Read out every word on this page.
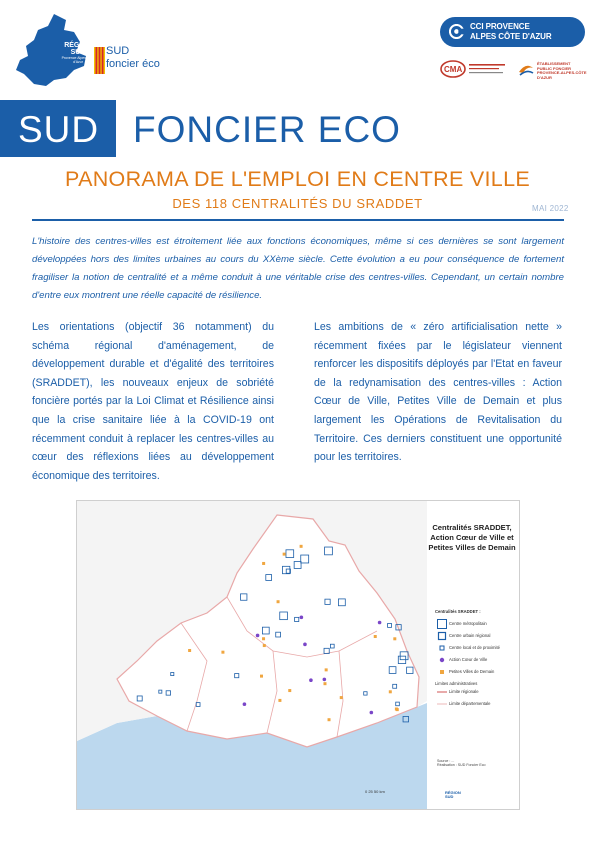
RÉGION
SUD
Provence Alpes Côte d'Azur
SUD
foncier éco
CCI PROVENCE
ALPES CÔTE D'AZUR
CMA
ÉTABLISSEMENT
PUBLIC FONCIER
PROVENCE-ALPES-CÔTE D'AZUR
SUD FONCIER ECO
PANORAMA DE L'EMPLOI EN CENTRE VILLE
DES 118 CENTRALITÉS DU SRADDET	MAI 2022
L'histoire des centres-villes est étroitement liée aux fonctions économiques, même si ces dernières se sont largement développées hors des limites urbaines au cours du XXème siècle. Cette évolution a eu pour conséquence de fortement fragiliser la notion de centralité et a même conduit à une véritable crise des centres-villes. Cependant, un certain nombre d'entre eux montrent une réelle capacité de résilience.
Les orientations (objectif 36 notamment) du schéma régional d'aménagement, de développement durable et d'égalité des territoires (SRADDET), les nouveaux enjeux de sobriété foncière portés par la Loi Climat et Résilience ainsi que la crise sanitaire liée à la COVID-19 ont récemment conduit à replacer les centres-villes au cœur des réflexions liées au développement économique des territoires.
Les ambitions de « zéro artificialisation nette » récemment fixées par le législateur viennent renforcer les dispositifs déployés par l'Etat en faveur de la redynamisation des centres-villes : Action Cœur de Ville, Petites Ville de Demain et plus largement les Opérations de Revitalisation du Territoire. Ces derniers constituent une opportunité pour les territoires.
Centralités SRADDET,
Action Cœur de Ville et
Petites Villes de Demain
Centralités SRADDET :
Centre métropolitain
Centre urbain régional
Centre local et de proximité
Action Cœur de Ville
Petites Villes de Demain
Limites administratives
Limite régionale
Limite départementale
Source : ...
Réalisation : SUD Foncier Eco
0 25 50 km	RÉGION
SUD
